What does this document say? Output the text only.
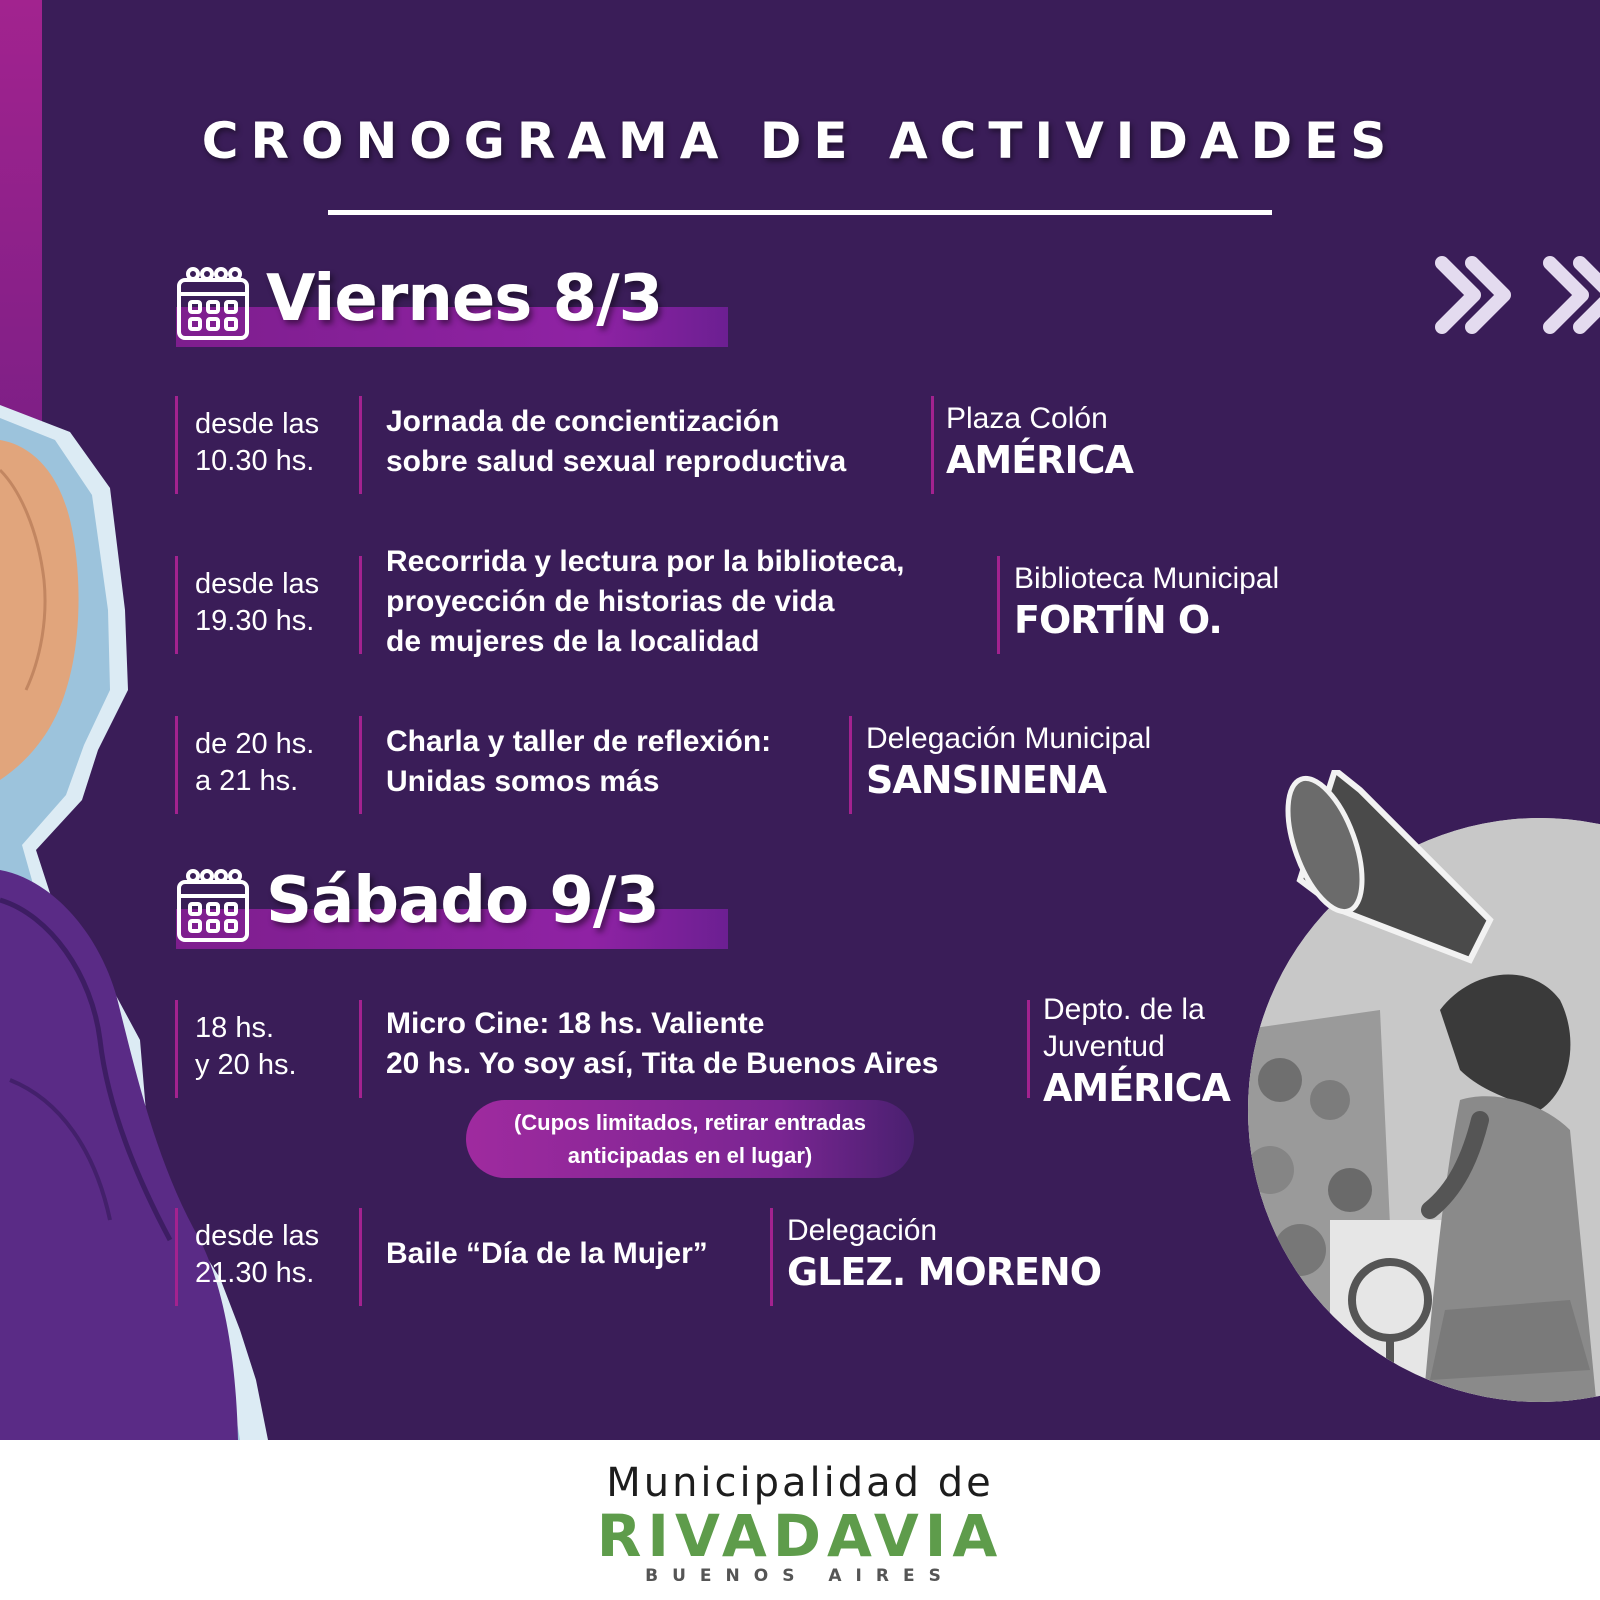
CRONOGRAMA DE ACTIVIDADES
Viernes 8/3
desde las
10.30 hs.
Jornada de concientización
sobre salud sexual reproductiva
Plaza Colón
AMÉRICA
desde las
19.30 hs.
Recorrida y lectura por la biblioteca,
proyección de historias de vida
de mujeres de la localidad
Biblioteca Municipal
FORTÍN O.
de 20 hs.
a 21 hs.
Charla y taller de reflexión:
Unidas somos más
Delegación Municipal
SANSINENA
Sábado 9/3
18 hs.
y 20 hs.
Micro Cine: 18 hs. Valiente
20 hs. Yo soy así, Tita de Buenos Aires
Depto. de la
Juventud
AMÉRICA
(Cupos limitados, retirar entradas
anticipadas en el lugar)
desde las
21.30 hs.
Baile “Día de la Mujer”
Delegación
GLEZ. MORENO
Municipalidad de
RIVADAVIA
BUENOS AIRES
